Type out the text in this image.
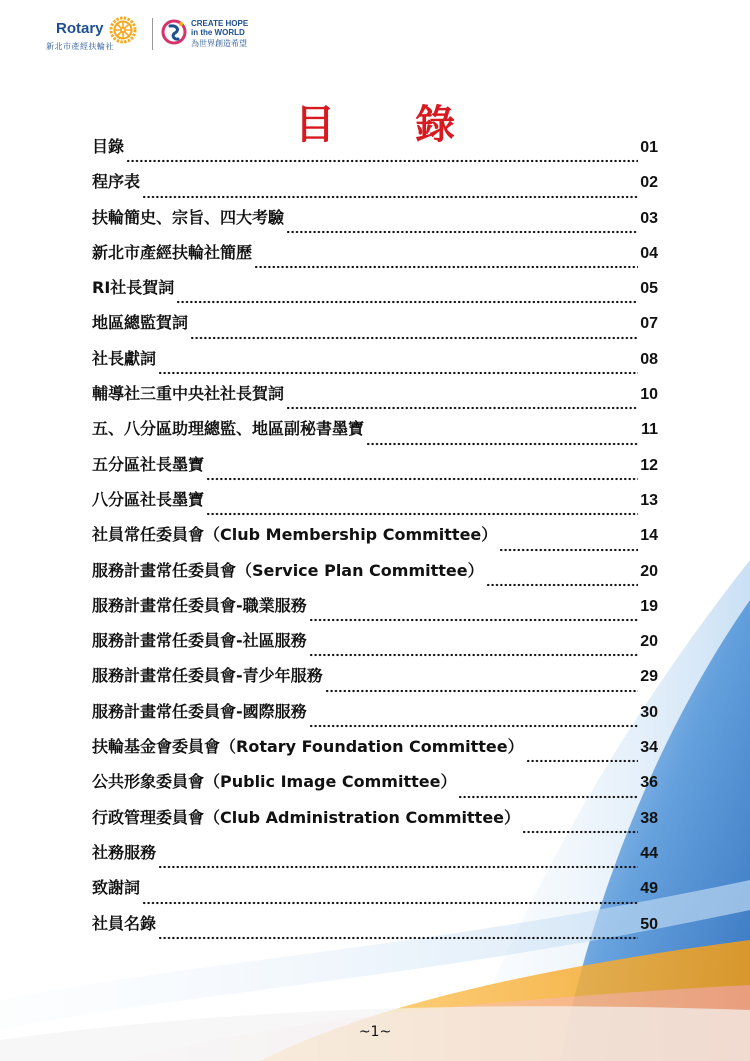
Rotary
新北市產經扶輪社
CREATE HOPE
in the WORLD
為世界創造希望
目　　錄
目錄	01
程序表	02
扶輪簡史、宗旨、四大考驗	03
新北市產經扶輪社簡歷	04
RI社長賀詞	05
地區總監賀詞	07
社長獻詞	08
輔導社三重中央社社長賀詞	10
五、八分區助理總監、地區副秘書墨寶	11
五分區社長墨寶	12
八分區社長墨寶	13
社員常任委員會（Club Membership Committee）	14
服務計畫常任委員會（Service Plan Committee）	20
服務計畫常任委員會-職業服務	19
服務計畫常任委員會-社區服務	20
服務計畫常任委員會-青少年服務	29
服務計畫常任委員會-國際服務	30
扶輪基金會委員會（Rotary Foundation Committee）	34
公共形象委員會（Public Image Committee）	36
行政管理委員會（Club Administration Committee）	38
社務服務	44
致謝詞	49
社員名錄	50
~1~
